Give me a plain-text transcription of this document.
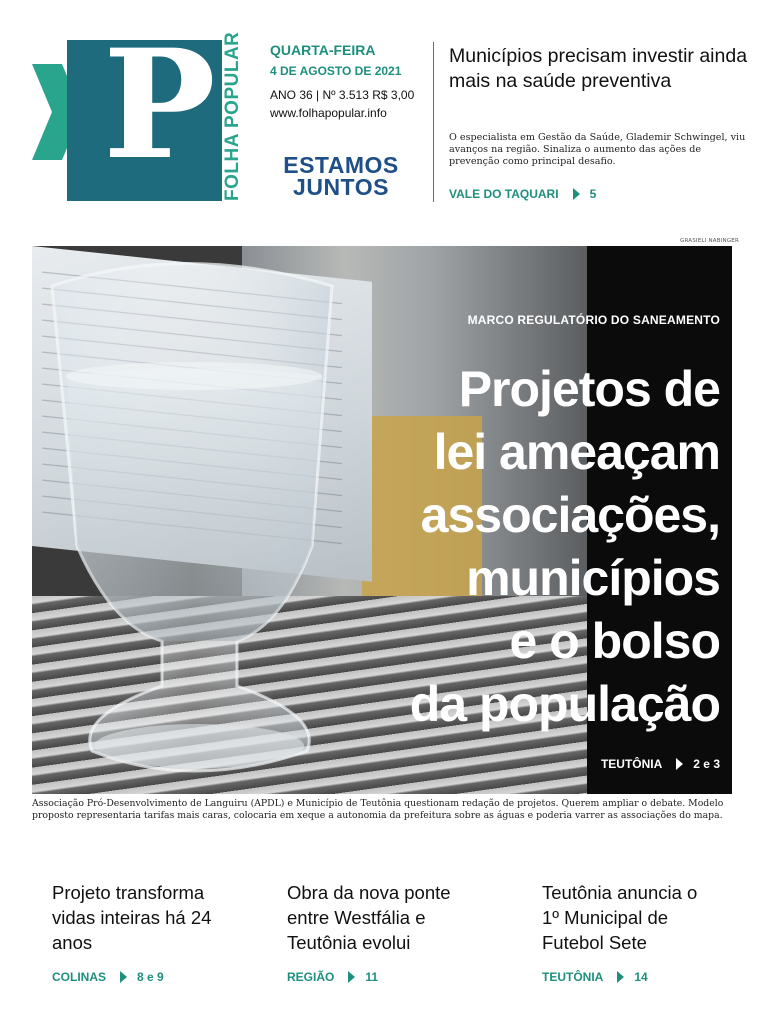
P FOLHA POPULAR QUARTA-FEIRA
4 DE AGOSTO DE 2021
ANO 36 | Nº 3.513 R$ 3,00
www.folhapopular.info
ESTAMOS
JUNTOS
Municípios precisam investir ainda mais na saúde preventiva
O especialista em Gestão da Saúde, Glademir Schwingel, viu avanços na região. Sinaliza o aumento das ações de prevenção como principal desafio.
VALE DO TAQUARI	5
GRASIELI NABINGER
MARCO REGULATÓRIO DO SANEAMENTO
Projetos de
lei ameaçam
associações,
municípios
e o bolso
da população
TEUTÔNIA	2 e 3
Associação Pró-Desenvolvimento de Languiru (APDL) e Município de Teutônia questionam redação de projetos. Querem ampliar o debate. Modelo proposto representaria tarifas mais caras, colocaria em xeque a autonomia da prefeitura sobre as águas e poderia varrer as associações do mapa.
Projeto transforma vidas inteiras há 24 anos
COLINAS	8 e 9
Obra da nova ponte entre Westfália e Teutônia evolui
REGIÃO	11
Teutônia anuncia o 1º Municipal de Futebol Sete
TEUTÔNIA	14
